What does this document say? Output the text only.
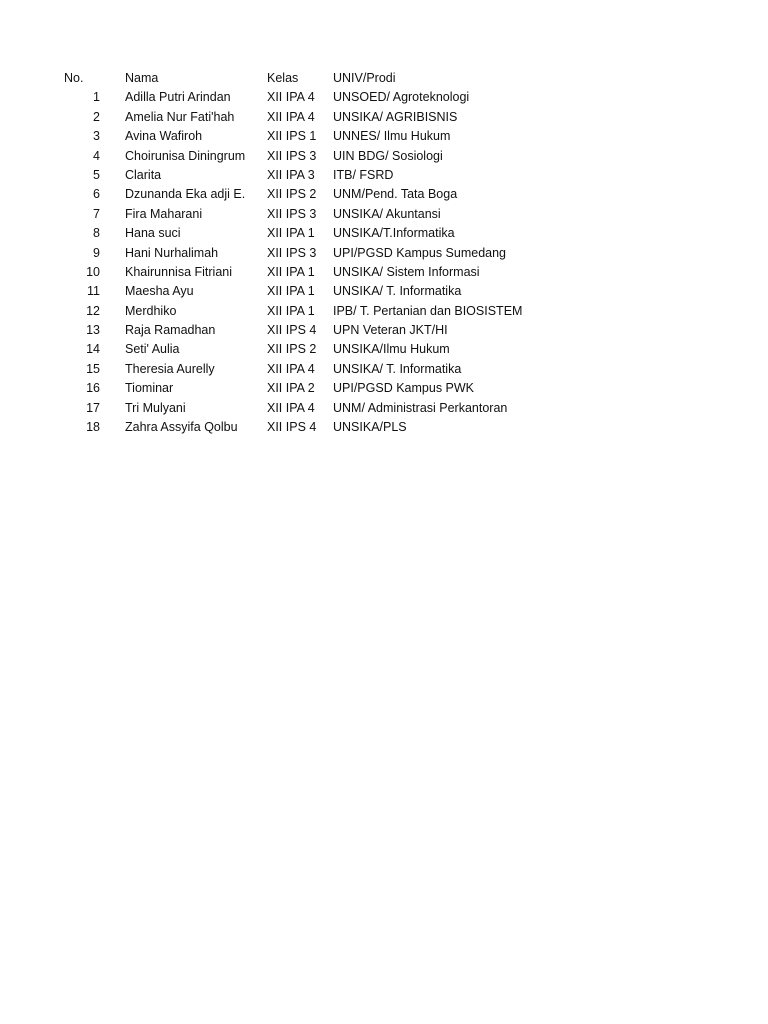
No.	Nama	Kelas	UNIV/Prodi
1 Adilla Putri Arindan	XII IPA 4 UNSOED/ Agroteknologi
2 Amelia Nur Fati'hah	XII IPA 4 UNSIKA/ AGRIBISNIS
3 Avina Wafiroh	XII IPS 1 UNNES/ Ilmu Hukum
4 Choirunisa Diningrum XII IPS 3 UIN BDG/ Sosiologi
5 Clarita	XII IPA 3 ITB/ FSRD
6 Dzunanda Eka adji E. XII IPS 2 UNM/Pend. Tata Boga
7 Fira Maharani	XII IPS 3 UNSIKA/ Akuntansi
8 Hana suci	XII IPA 1 UNSIKA/T.Informatika
9 Hani Nurhalimah	XII IPS 3 UPI/PGSD Kampus Sumedang
10 Khairunnisa Fitriani	XII IPA 1 UNSIKA/ Sistem Informasi
11 Maesha Ayu	XII IPA 1 UNSIKA/ T. Informatika
12 Merdhiko	XII IPA 1 IPB/ T. Pertanian dan BIOSISTEM
13 Raja Ramadhan	XII IPS 4 UPN Veteran JKT/HI
14 Seti' Aulia	XII IPS 2 UNSIKA/Ilmu Hukum
15 Theresia Aurelly	XII IPA 4 UNSIKA/ T. Informatika
16 Tiominar	XII IPA 2 UPI/PGSD Kampus PWK
17 Tri Mulyani	XII IPA 4 UNM/ Administrasi Perkantoran
18 Zahra Assyifa Qolbu XII IPS 4 UNSIKA/PLS
